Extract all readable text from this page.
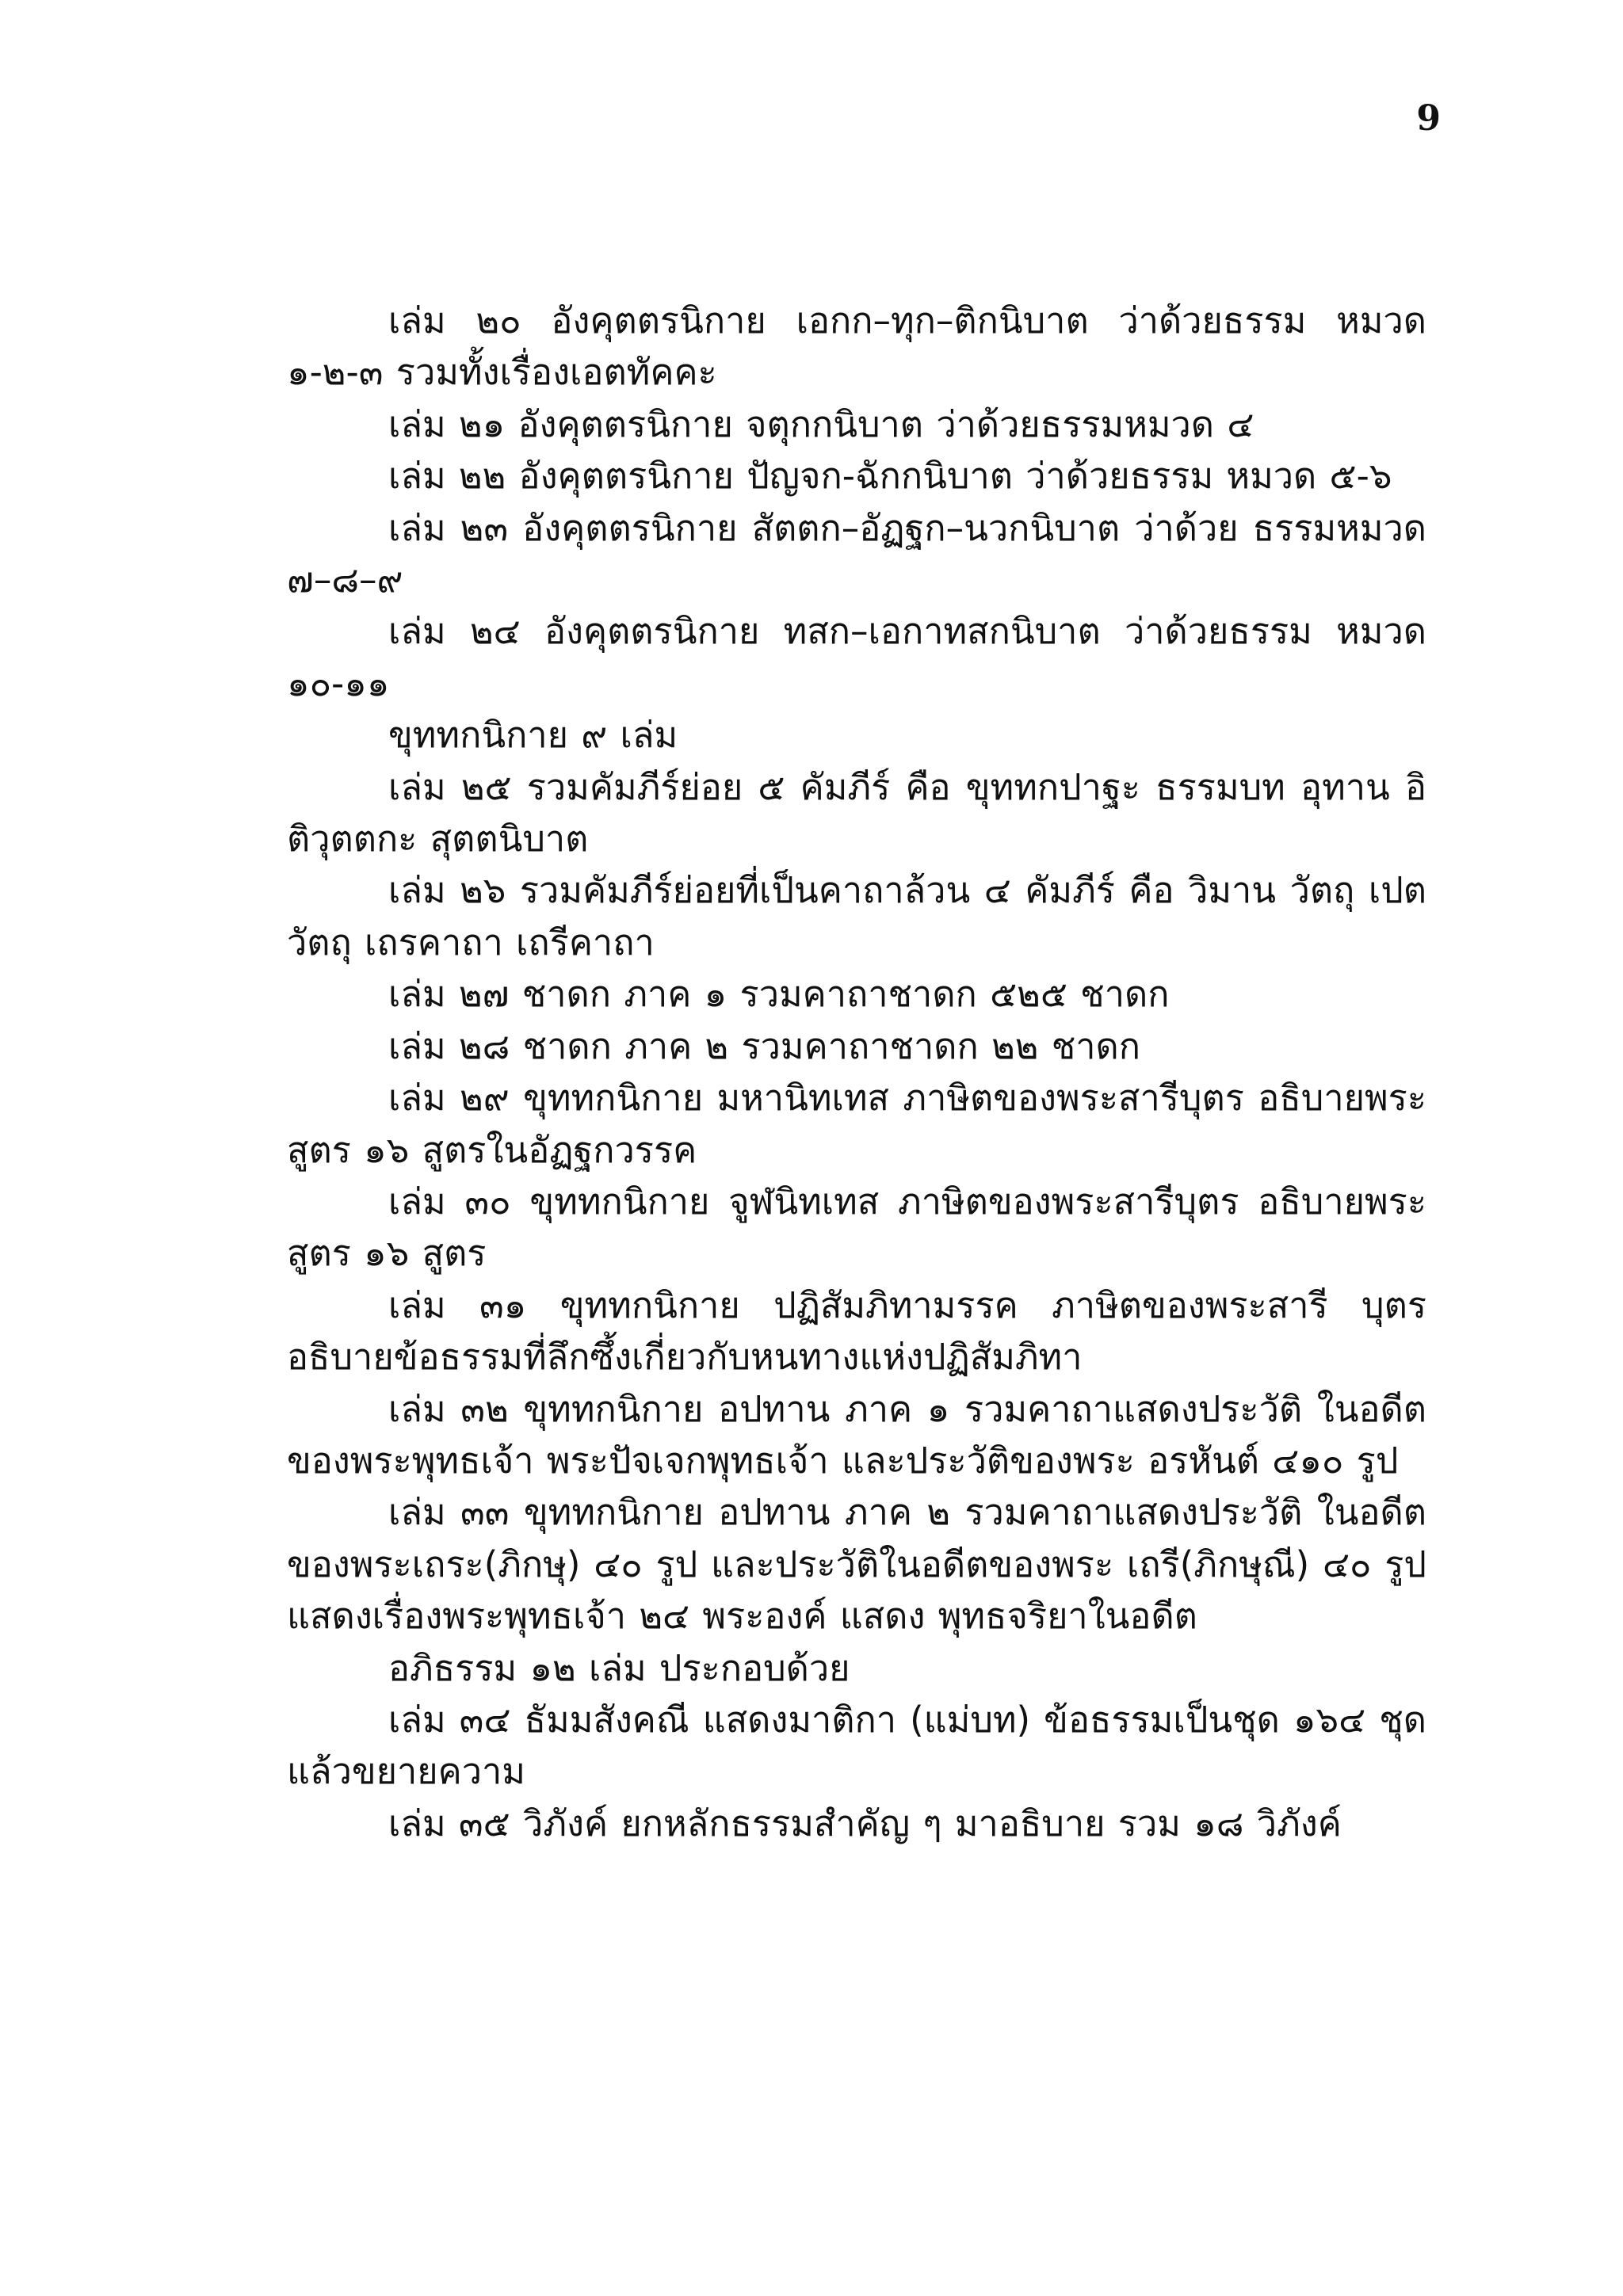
9

เล่ม ๒๐ อังคุตตรนิกาย เอกก–ทุก–ติกนิบาต ว่าด้วยธรรม หมวด ๑-๒-๓ รวมทั้งเรื่องเอตทัคคะ

เล่ม ๒๑ อังคุตตรนิกาย จตุกกนิบาต ว่าด้วยธรรมหมวด ๔

เล่ม ๒๒ อังคุตตรนิกาย ปัญจก-ฉักกนิบาต ว่าด้วยธรรม หมวด ๕-๖

เล่ม ๒๓ อังคุตตรนิกาย สัตตก–อัฏฐก–นวกนิบาต ว่าด้วย ธรรมหมวด ๗–๘–๙

เล่ม ๒๔ อังคุตตรนิกาย ทสก–เอกาทสกนิบาต ว่าด้วยธรรม หมวด ๑๐-๑๑

ขุททกนิกาย ๙ เล่ม

เล่ม ๒๕ รวมคัมภีร์ย่อย ๕ คัมภีร์ คือ ขุททกปาฐะ ธรรมบท อุทาน อิติวุตตกะ สุตตนิบาต

เล่ม ๒๖ รวมคัมภีร์ย่อยที่เป็นคาถาล้วน ๔ คัมภีร์ คือ วิมาน วัตถุ เปตวัตถุ เถรคาถา เถรีคาถา

เล่ม ๒๗ ชาดก ภาค ๑ รวมคาถาชาดก ๕๒๕ ชาดก

เล่ม ๒๘ ชาดก ภาค ๒ รวมคาถาชาดก ๒๒ ชาดก

เล่ม ๒๙ ขุททกนิกาย มหานิทเทส ภาษิตของพระสารีบุตร อธิบายพระสูตร ๑๖ สูตรในอัฏฐกวรรค

เล่ม ๓๐ ขุททกนิกาย จูฬนิทเทส ภาษิตของพระสารีบุตร อธิบายพระสูตร ๑๖ สูตร

เล่ม ๓๑ ขุททกนิกาย ปฏิสัมภิทามรรค ภาษิตของพระสารี บุตร อธิบายข้อธรรมที่ลึกซึ้งเกี่ยวกับหนทางแห่งปฏิสัมภิทา

เล่ม ๓๒ ขุททกนิกาย อปทาน ภาค ๑ รวมคาถาแสดงประวัติ ในอดีตของพระพุทธเจ้า พระปัจเจกพุทธเจ้า และประวัติของพระ อรหันต์ ๔๑๐ รูป

เล่ม ๓๓ ขุททกนิกาย อปทาน ภาค ๒ รวมคาถาแสดงประวัติ ในอดีตของพระเถระ(ภิกษุ) ๔๐ รูป และประวัติในอดีตของพระ เถรี(ภิกษุณี) ๔๐ รูป แสดงเรื่องพระพุทธเจ้า ๒๔ พระองค์ แสดง พุทธจริยาในอดีต

อภิธรรม ๑๒ เล่ม ประกอบด้วย

เล่ม ๓๔ ธัมมสังคณี แสดงมาติกา (แม่บท) ข้อธรรมเป็นชุด ๑๖๔ ชุด แล้วขยายความ

เล่ม ๓๕ วิภังค์ ยกหลักธรรมสำคัญ ๆ มาอธิบาย รวม ๑๘ วิภังค์
